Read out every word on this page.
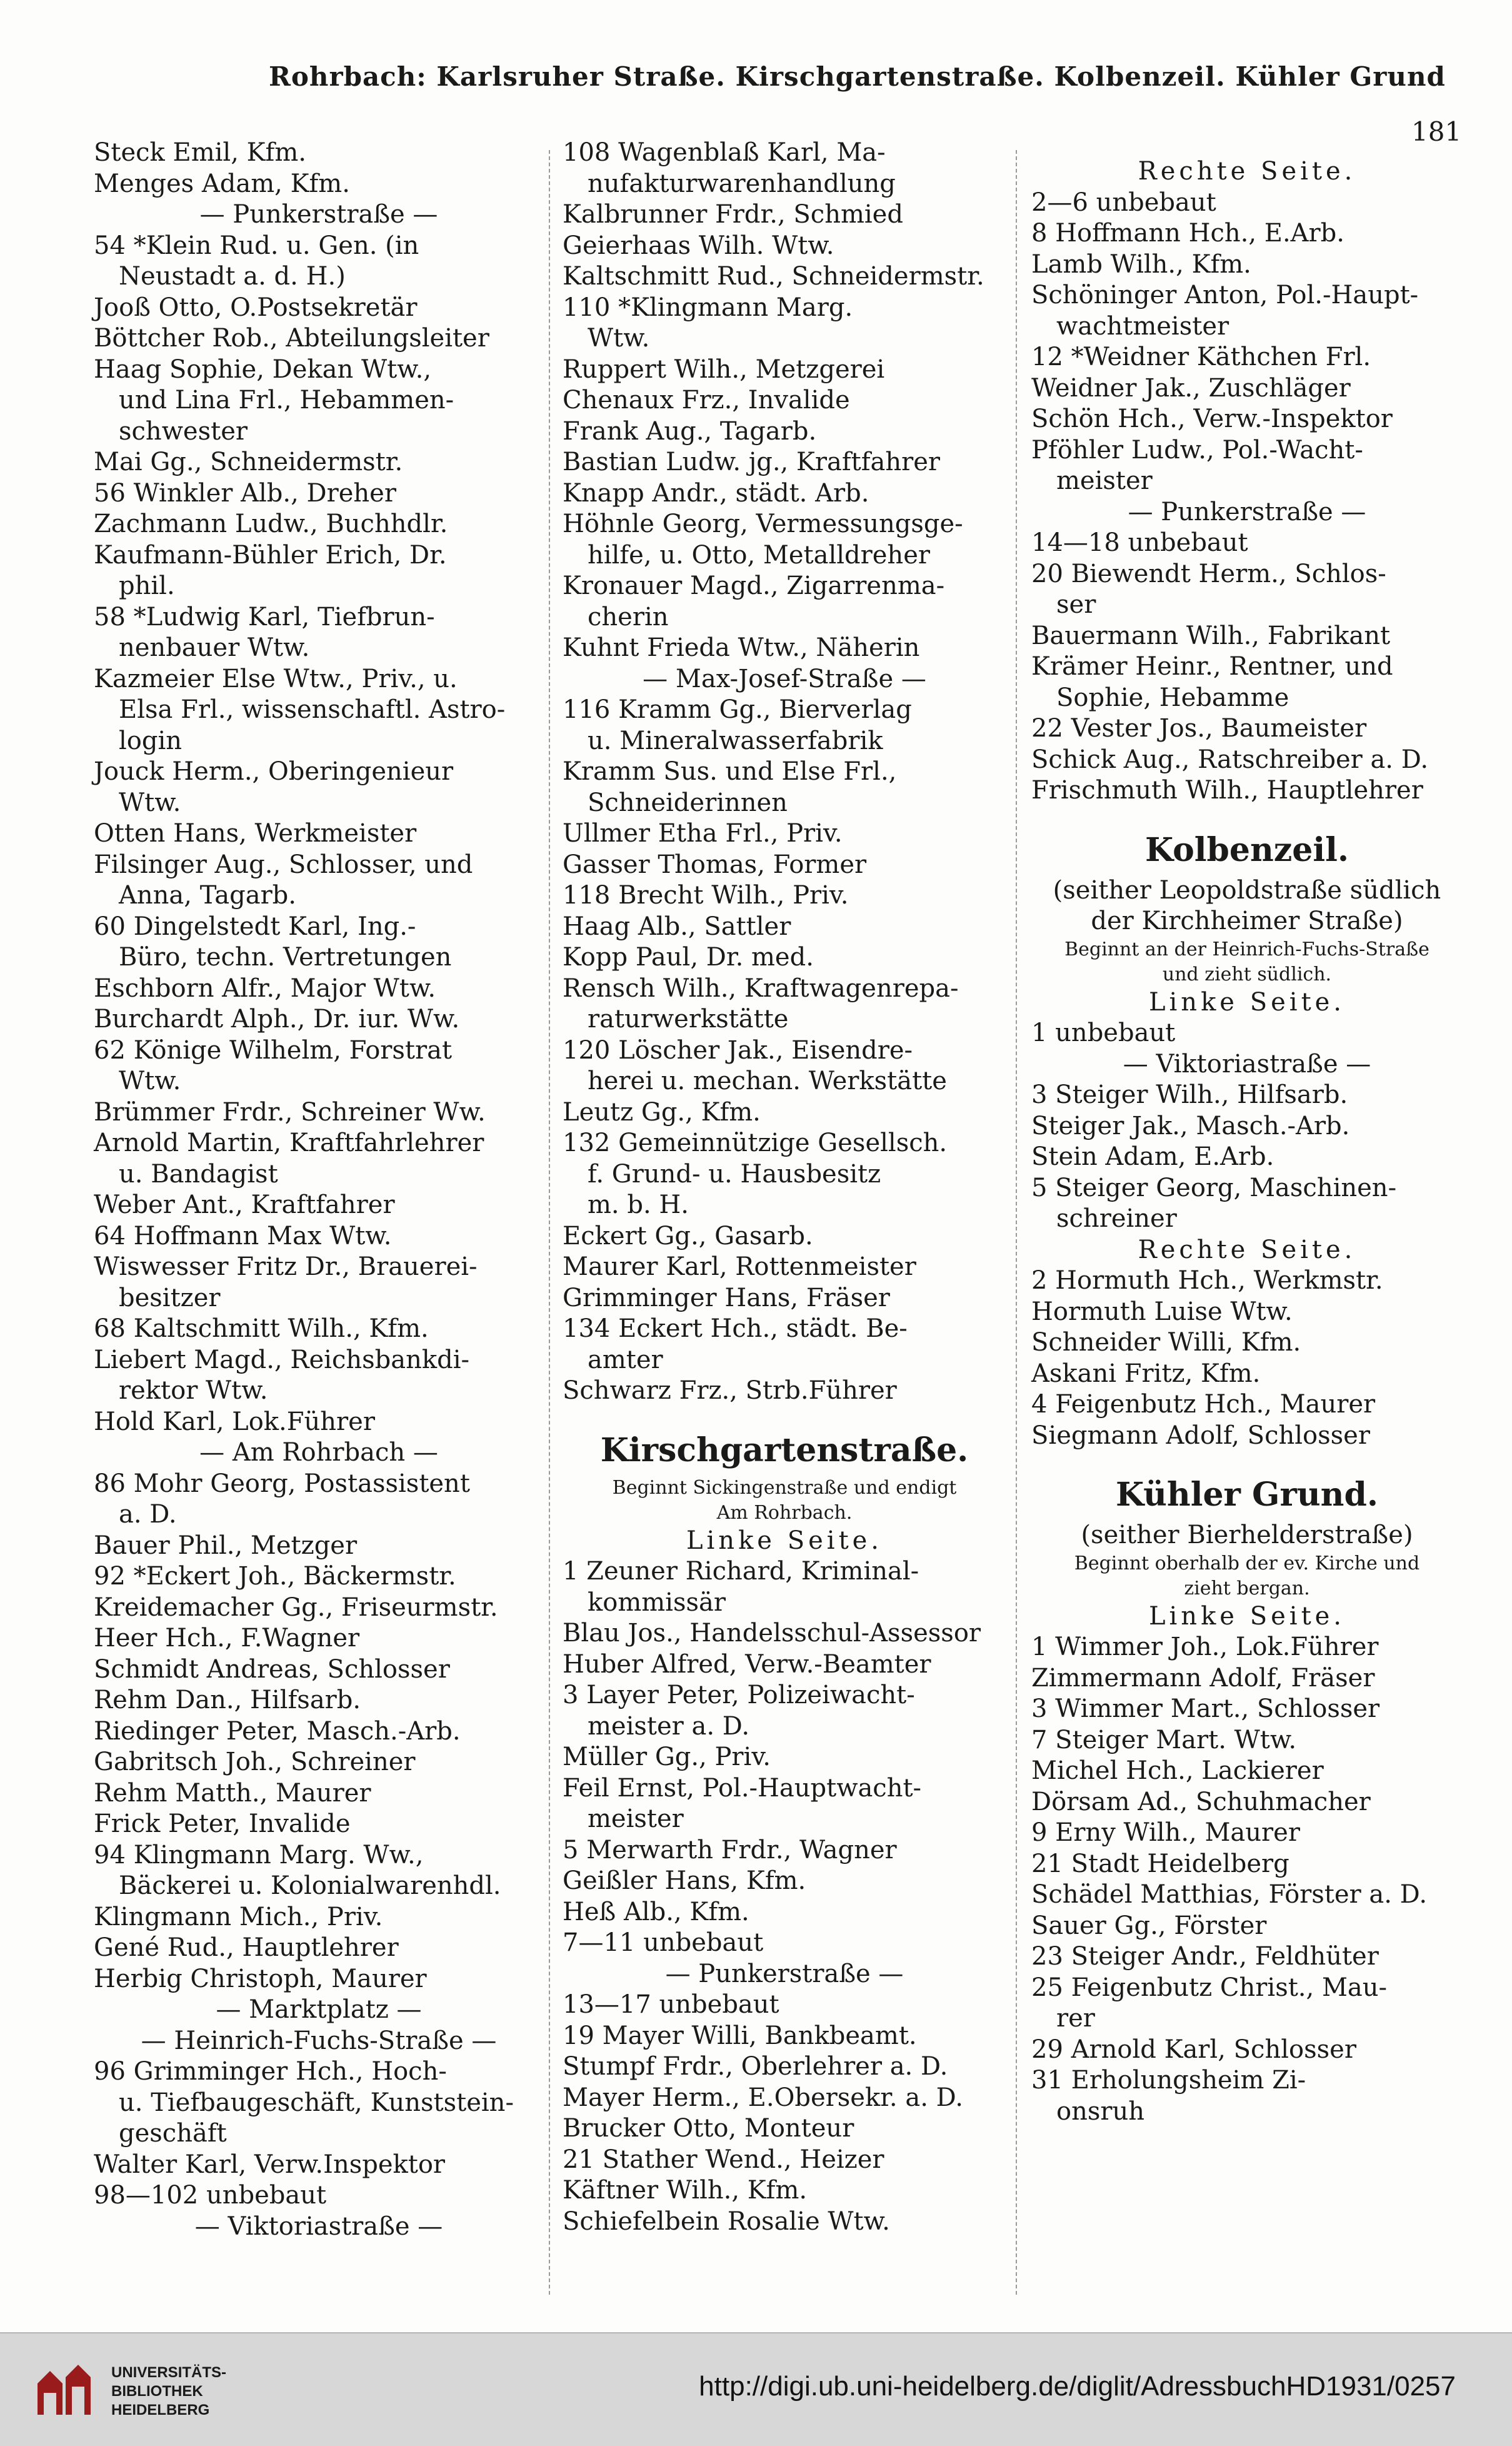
Rohrbach: Karlsruher Straße. Kirschgartenstraße. Kolbenzeil. Kühler Grund
181
Steck Emil, Kfm.
Menges Adam, Kfm.
— Punkerstraße —
54 *Klein Rud. u. Gen. (in
Neustadt a. d. H.)
Jooß Otto, O.Postsekretär
Böttcher Rob., Abteilungsleiter
Haag Sophie, Dekan Wtw.,
und Lina Frl., Hebammen-
schwester
Mai Gg., Schneidermstr.
56 Winkler Alb., Dreher
Zachmann Ludw., Buchhdlr.
Kaufmann-Bühler Erich, Dr.
phil.
58 *Ludwig Karl, Tiefbrun-
nenbauer Wtw.
Kazmeier Else Wtw., Priv., u.
Elsa Frl., wissenschaftl. Astro-
login
Jouck Herm., Oberingenieur
Wtw.
Otten Hans, Werkmeister
Filsinger Aug., Schlosser, und
Anna, Tagarb.
60 Dingelstedt Karl, Ing.-
Büro, techn. Vertretungen
Eschborn Alfr., Major Wtw.
Burchardt Alph., Dr. iur. Ww.
62 Könige Wilhelm, Forstrat
Wtw.
Brümmer Frdr., Schreiner Ww.
Arnold Martin, Kraftfahrlehrer
u. Bandagist
Weber Ant., Kraftfahrer
64 Hoffmann Max Wtw.
Wiswesser Fritz Dr., Brauerei-
besitzer
68 Kaltschmitt Wilh., Kfm.
Liebert Magd., Reichsbankdi-
rektor Wtw.
Hold Karl, Lok.Führer
— Am Rohrbach —
86 Mohr Georg, Postassistent
a. D.
Bauer Phil., Metzger
92 *Eckert Joh., Bäckermstr.
Kreidemacher Gg., Friseurmstr.
Heer Hch., F.Wagner
Schmidt Andreas, Schlosser
Rehm Dan., Hilfsarb.
Riedinger Peter, Masch.-Arb.
Gabritsch Joh., Schreiner
Rehm Matth., Maurer
Frick Peter, Invalide
94 Klingmann Marg. Ww.,
Bäckerei u. Kolonialwarenhdl.
Klingmann Mich., Priv.
Gené Rud., Hauptlehrer
Herbig Christoph, Maurer
— Marktplatz —
— Heinrich-Fuchs-Straße —
96 Grimminger Hch., Hoch-
u. Tiefbaugeschäft, Kunststein-
geschäft
Walter Karl, Verw.Inspektor
98—102 unbebaut
— Viktoriastraße —
108 Wagenblaß Karl, Ma-
nufakturwarenhandlung
Kalbrunner Frdr., Schmied
Geierhaas Wilh. Wtw.
Kaltschmitt Rud., Schneidermstr.
110 *Klingmann Marg.
Wtw.
Ruppert Wilh., Metzgerei
Chenaux Frz., Invalide
Frank Aug., Tagarb.
Bastian Ludw. jg., Kraftfahrer
Knapp Andr., städt. Arb.
Höhnle Georg, Vermessungsge-
hilfe, u. Otto, Metalldreher
Kronauer Magd., Zigarrenma-
cherin
Kuhnt Frieda Wtw., Näherin
— Max-Josef-Straße —
116 Kramm Gg., Bierverlag
u. Mineralwasserfabrik
Kramm Sus. und Else Frl.,
Schneiderinnen
Ullmer Etha Frl., Priv.
Gasser Thomas, Former
118 Brecht Wilh., Priv.
Haag Alb., Sattler
Kopp Paul, Dr. med.
Rensch Wilh., Kraftwagenrepa-
raturwerkstätte
120 Löscher Jak., Eisendre-
herei u. mechan. Werkstätte
Leutz Gg., Kfm.
132 Gemeinnützige Gesellsch.
f. Grund- u. Hausbesitz
m. b. H.
Eckert Gg., Gasarb.
Maurer Karl, Rottenmeister
Grimminger Hans, Fräser
134 Eckert Hch., städt. Be-
amter
Schwarz Frz., Strb.Führer
Kirschgartenstraße.
Beginnt Sickingenstraße und endigt
Am Rohrbach.
Linke Seite.
1 Zeuner Richard, Kriminal-
kommissär
Blau Jos., Handelsschul-Assessor
Huber Alfred, Verw.-Beamter
3 Layer Peter, Polizeiwacht-
meister a. D.
Müller Gg., Priv.
Feil Ernst, Pol.-Hauptwacht-
meister
5 Merwarth Frdr., Wagner
Geißler Hans, Kfm.
Heß Alb., Kfm.
7—11 unbebaut
— Punkerstraße —
13—17 unbebaut
19 Mayer Willi, Bankbeamt.
Stumpf Frdr., Oberlehrer a. D.
Mayer Herm., E.Obersekr. a. D.
Brucker Otto, Monteur
21 Stather Wend., Heizer
Käftner Wilh., Kfm.
Schiefelbein Rosalie Wtw.
Rechte Seite.
2—6 unbebaut
8 Hoffmann Hch., E.Arb.
Lamb Wilh., Kfm.
Schöninger Anton, Pol.-Haupt-
wachtmeister
12 *Weidner Käthchen Frl.
Weidner Jak., Zuschläger
Schön Hch., Verw.-Inspektor
Pföhler Ludw., Pol.-Wacht-
meister
— Punkerstraße —
14—18 unbebaut
20 Biewendt Herm., Schlos-
ser
Bauermann Wilh., Fabrikant
Krämer Heinr., Rentner, und
Sophie, Hebamme
22 Vester Jos., Baumeister
Schick Aug., Ratschreiber a. D.
Frischmuth Wilh., Hauptlehrer
Kolbenzeil.
(seither Leopoldstraße südlich
der Kirchheimer Straße)
Beginnt an der Heinrich-Fuchs-Straße
und zieht südlich.
Linke Seite.
1 unbebaut
— Viktoriastraße —
3 Steiger Wilh., Hilfsarb.
Steiger Jak., Masch.-Arb.
Stein Adam, E.Arb.
5 Steiger Georg, Maschinen-
schreiner
Rechte Seite.
2 Hormuth Hch., Werkmstr.
Hormuth Luise Wtw.
Schneider Willi, Kfm.
Askani Fritz, Kfm.
4 Feigenbutz Hch., Maurer
Siegmann Adolf, Schlosser
Kühler Grund.
(seither Bierhelderstraße)
Beginnt oberhalb der ev. Kirche und
zieht bergan.
Linke Seite.
1 Wimmer Joh., Lok.Führer
Zimmermann Adolf, Fräser
3 Wimmer Mart., Schlosser
7 Steiger Mart. Wtw.
Michel Hch., Lackierer
Dörsam Ad., Schuhmacher
9 Erny Wilh., Maurer
21 Stadt Heidelberg
Schädel Matthias, Förster a. D.
Sauer Gg., Förster
23 Steiger Andr., Feldhüter
25 Feigenbutz Christ., Mau-
rer
29 Arnold Karl, Schlosser
31 Erholungsheim Zi-
onsruh
UNIVERSITÄTS-
BIBLIOTHEK
HEIDELBERG
http://digi.ub.uni-heidelberg.de/diglit/AdressbuchHD1931/0257
